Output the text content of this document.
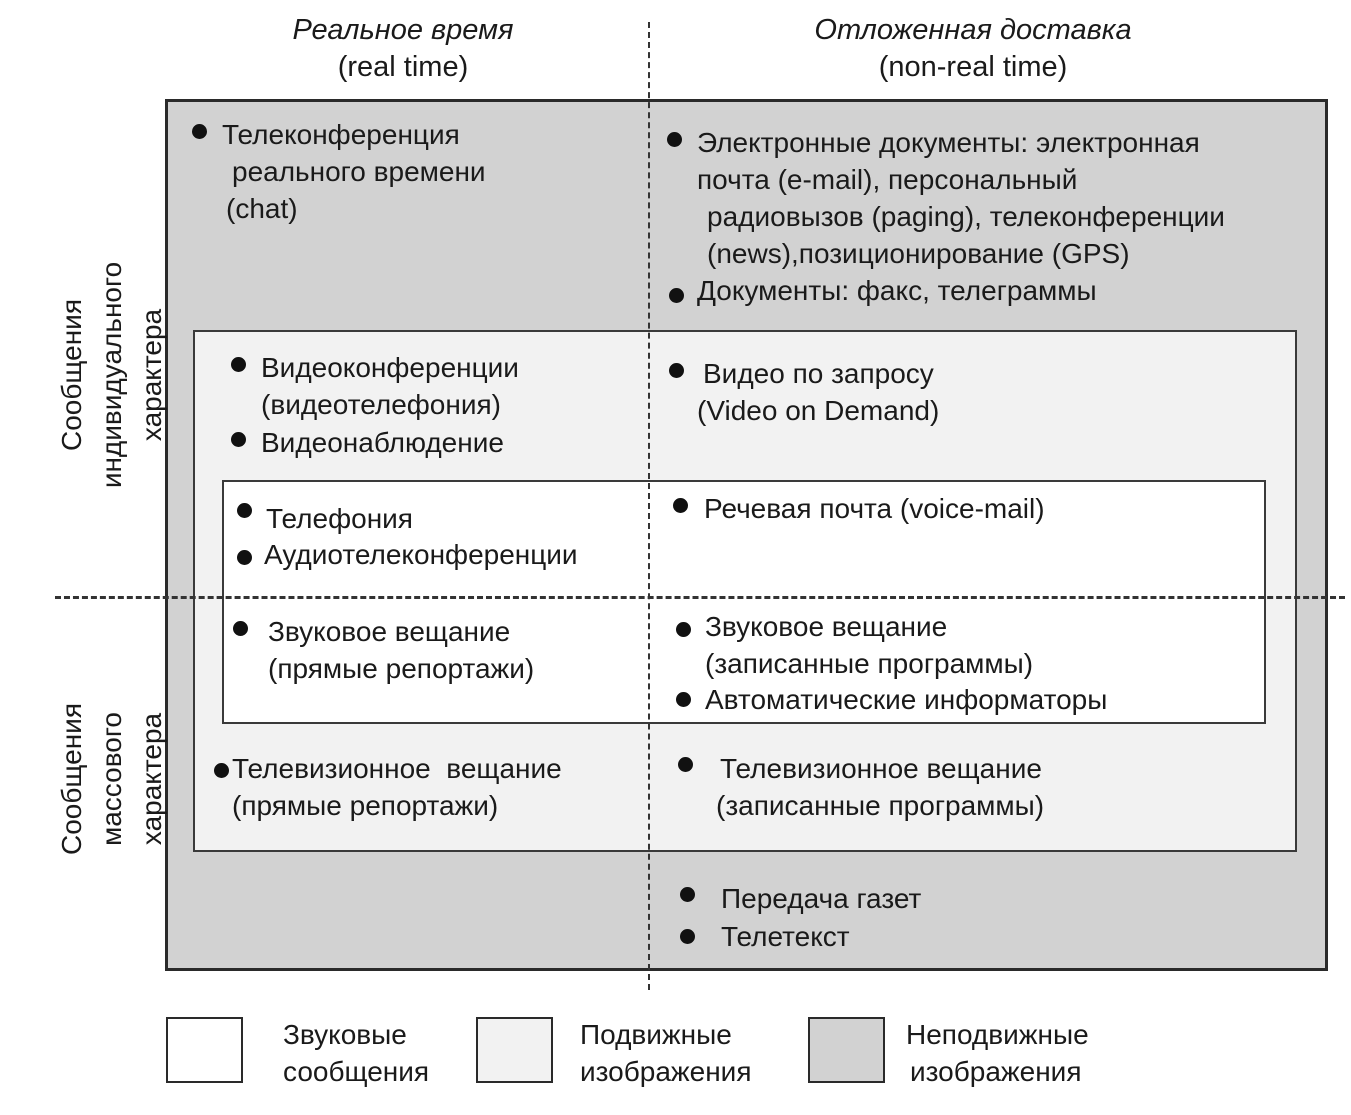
Реальное время
(real time)
Отложенная доставка
(non-real time)
Сообщения индивидуального характера
Сообщения массового характера
Телеконференция
реального времени
(chat)
Видеоконференции
(видеотелефония)
Видеонаблюдение
Телефония
Аудиотелеконференции
Звуковое вещание
(прямые репортажи)
Телевизионное  вещание
(прямые репортажи)
Электронные документы: электронная
почта (e-mail), персональный
радиовызов (paging), телеконференции
(news),позиционирование (GPS)
Документы: факс, телеграммы
Видео по запросу
(Video on Demand)
Речевая почта (voice-mail)
Звуковое вещание
(записанные программы)
Автоматические информаторы
Телевизионное вещание
(записанные программы)
Передача газет
Телетекст
Звуковые
сообщения
Подвижные
изображения
Неподвижные
изображения
